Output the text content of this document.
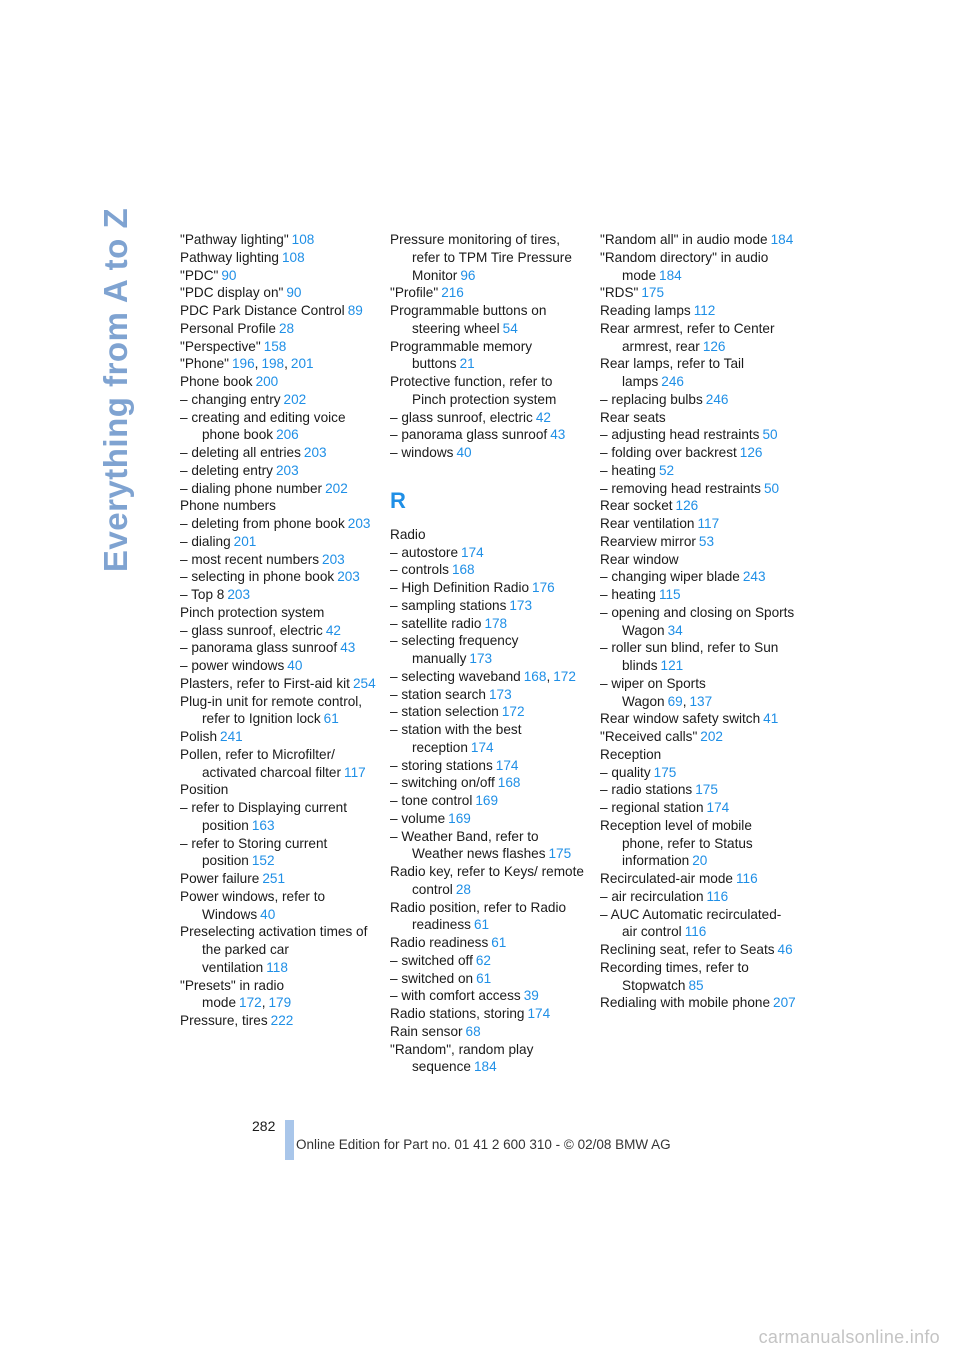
Everything from A to Z	"Pathway lighting" 108
Pathway lighting 108
"PDC" 90
"PDC display on" 90
PDC Park Distance Control 89
Personal Profile 28
"Perspective" 158
"Phone" 196, 198, 201
Phone book 200
– changing entry 202
– creating and editing voice phone book 206
– deleting all entries 203
– deleting entry 203
– dialing phone number 202
Phone numbers
– deleting from phone book 203
– dialing 201
– most recent numbers 203
– selecting in phone book 203
– Top 8 203
Pinch protection system
– glass sunroof, electric 42
– panorama glass sunroof 43
– power windows 40
Plasters, refer to First-aid kit 254
Plug-in unit for remote control, refer to Ignition lock 61
Polish 241
Pollen, refer to Microfilter/ activated charcoal filter 117
Position
– refer to Displaying current position 163
– refer to Storing current position 152
Power failure 251
Power windows, refer to Windows 40
Preselecting activation times of the parked car ventilation 118
"Presets" in radio mode 172, 179
Pressure, tires 222
Pressure monitoring of tires, refer to TPM Tire Pressure Monitor 96
"Profile" 216
Programmable buttons on steering wheel 54
Programmable memory buttons 21
Protective function, refer to Pinch protection system
– glass sunroof, electric 42
– panorama glass sunroof 43
– windows 40
R
Radio
– autostore 174
– controls 168
– High Definition Radio 176
– sampling stations 173
– satellite radio 178
– selecting frequency manually 173
– selecting waveband 168, 172
– station search 173
– station selection 172
– station with the best reception 174
– storing stations 174
– switching on/off 168
– tone control 169
– volume 169
– Weather Band, refer to Weather news flashes 175
Radio key, refer to Keys/ remote control 28
Radio position, refer to Radio readiness 61
Radio readiness 61
– switched off 62
– switched on 61
– with comfort access 39
Radio stations, storing 174
Rain sensor 68
"Random", random play sequence 184
"Random all" in audio mode 184
"Random directory" in audio mode 184
"RDS" 175
Reading lamps 112
Rear armrest, refer to Center armrest, rear 126
Rear lamps, refer to Tail lamps 246
– replacing bulbs 246
Rear seats
– adjusting head restraints 50
– folding over backrest 126
– heating 52
– removing head restraints 50
Rear socket 126
Rear ventilation 117
Rearview mirror 53
Rear window
– changing wiper blade 243
– heating 115
– opening and closing on Sports Wagon 34
– roller sun blind, refer to Sun blinds 121
– wiper on Sports Wagon 69, 137
Rear window safety switch 41
"Received calls" 202
Reception
– quality 175
– radio stations 175
– regional station 174
Reception level of mobile phone, refer to Status information 20
Recirculated-air mode 116
– air recirculation 116
– AUC Automatic recirculated-air control 116
Reclining seat, refer to Seats 46
Recording times, refer to Stopwatch 85
Redialing with mobile phone 207
282
Online Edition for Part no. 01 41 2 600 310 - © 02/08 BMW AG
carmanualsonline.info
